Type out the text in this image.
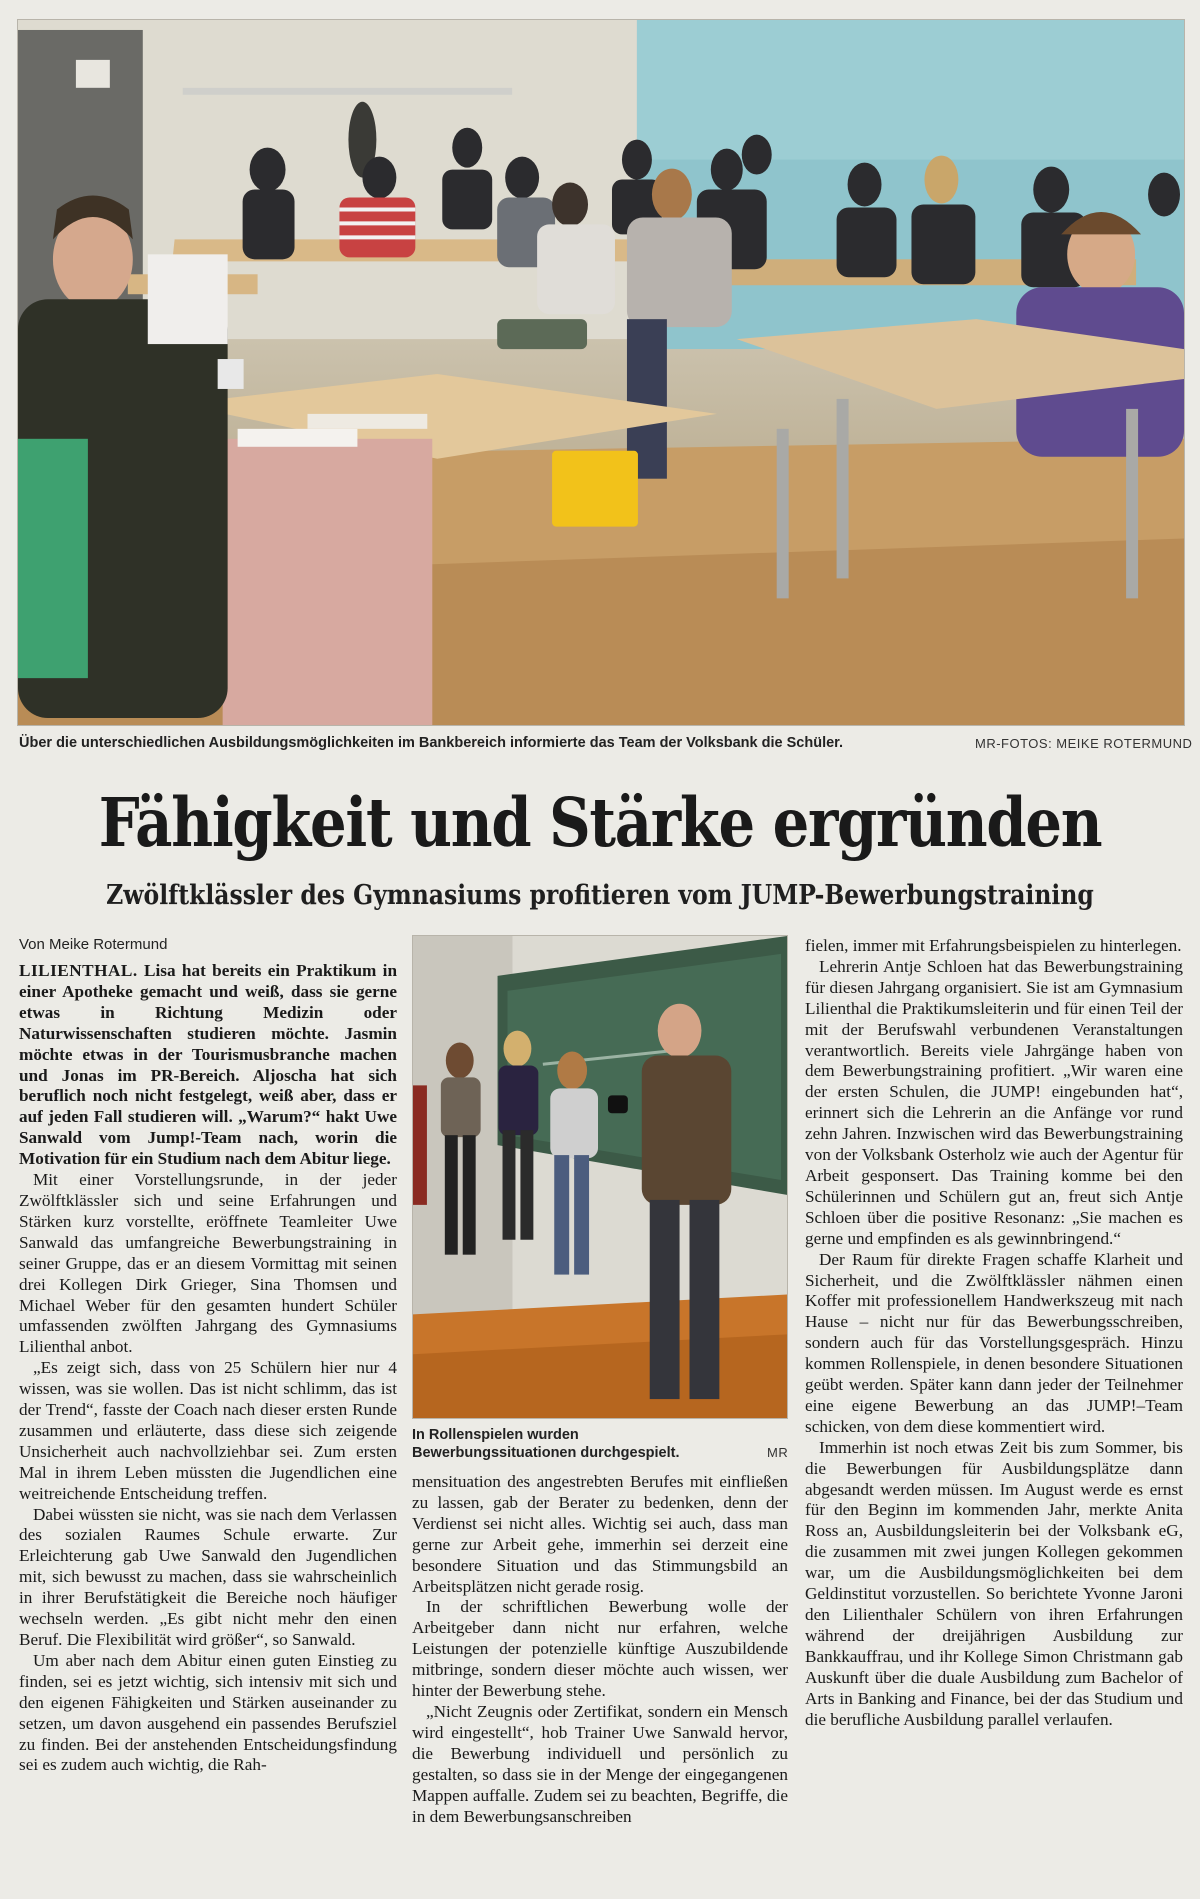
Über die unterschiedlichen Ausbildungsmöglichkeiten im Bankbereich informierte das Team der Volksbank die Schüler.	MR-FOTOS: MEIKE ROTERMUND
Fähigkeit und Stärke ergründen
Zwölftklässler des Gymnasiums profitieren vom JUMP-Bewerbungstraining
Von Meike Rotermund
In Rollenspielen wurden Bewerbungssituationen durchgespielt.	MR

LILIENTHAL. Lisa hat bereits ein Praktikum in einer Apotheke gemacht und weiß, dass sie gerne etwas in Richtung Medizin oder Naturwissenschaften studieren möchte. Jasmin möchte etwas in der Tourismusbranche machen und Jonas im PR-Bereich. Aljoscha hat sich beruflich noch nicht festgelegt, weiß aber, dass er auf jeden Fall studieren will. „Warum?“ hakt Uwe Sanwald vom Jump!-Team nach, worin die Motivation für ein Studium nach dem Abitur liege.

Mit einer Vorstellungsrunde, in der jeder Zwölftklässler sich und seine Erfahrungen und Stärken kurz vorstellte, eröffnete Teamleiter Uwe Sanwald das umfangreiche Bewerbungstraining in seiner Gruppe, das er an diesem Vormittag mit seinen drei Kollegen Dirk Grieger, Sina Thomsen und Michael Weber für den gesamten hundert Schüler umfassenden zwölften Jahrgang des Gymnasiums Lilienthal anbot.

„Es zeigt sich, dass von 25 Schülern hier nur 4 wissen, was sie wollen. Das ist nicht schlimm, das ist der Trend“, fasste der Coach nach dieser ersten Runde zusammen und erläuterte, dass diese sich zeigende Unsicherheit auch nachvollziehbar sei. Zum ersten Mal in ihrem Leben müssten die Jugendlichen eine weitreichende Entscheidung treffen.

Dabei wüssten sie nicht, was sie nach dem Verlassen des sozialen Raumes Schule erwarte. Zur Erleichterung gab Uwe Sanwald den Jugendlichen mit, sich bewusst zu machen, dass sie wahrscheinlich in ihrer Berufstätigkeit die Bereiche noch häufiger wechseln werden. „Es gibt nicht mehr den einen Beruf. Die Flexibilität wird größer“, so Sanwald.

Um aber nach dem Abitur einen guten Einstieg zu finden, sei es jetzt wichtig, sich intensiv mit sich und den eigenen Fähigkeiten und Stärken auseinander zu setzen, um davon ausgehend ein passendes Berufsziel zu finden. Bei der anstehenden Entscheidungsfindung sei es zudem auch wichtig, die Rah-

mensituation des angestrebten Berufes mit einfließen zu lassen, gab der Berater zu bedenken, denn der Verdienst sei nicht alles. Wichtig sei auch, dass man gerne zur Arbeit gehe, immerhin sei derzeit eine besondere Situation und das Stimmungsbild an Arbeitsplätzen nicht gerade rosig.

In der schriftlichen Bewerbung wolle der Arbeitgeber dann nicht nur erfahren, welche Leistungen der potenzielle künftige Auszubildende mitbringe, sondern dieser möchte auch wissen, wer hinter der Bewerbung stehe.

„Nicht Zeugnis oder Zertifikat, sondern ein Mensch wird eingestellt“, hob Trainer Uwe Sanwald hervor, die Bewerbung individuell und persönlich zu gestalten, so dass sie in der Menge der eingegangenen Mappen auffalle. Zudem sei zu beachten, Begriffe, die in dem Bewerbungsanschreiben

fielen, immer mit Erfahrungsbeispielen zu hinterlegen.

Lehrerin Antje Schloen hat das Bewerbungstraining für diesen Jahrgang organisiert. Sie ist am Gymnasium Lilienthal die Praktikumsleiterin und für einen Teil der mit der Berufswahl verbundenen Veranstaltungen verantwortlich. Bereits viele Jahrgänge haben von dem Bewerbungstraining profitiert. „Wir waren eine der ersten Schulen, die JUMP! eingebunden hat“, erinnert sich die Lehrerin an die Anfänge vor rund zehn Jahren. Inzwischen wird das Bewerbungstraining von der Volksbank Osterholz wie auch der Agentur für Arbeit gesponsert. Das Training komme bei den Schülerinnen und Schülern gut an, freut sich Antje Schloen über die positive Resonanz: „Sie machen es gerne und empfinden es als gewinnbringend.“

Der Raum für direkte Fragen schaffe Klarheit und Sicherheit, und die Zwölftklässler nähmen einen Koffer mit professionellem Handwerkszeug mit nach Hause – nicht nur für das Bewerbungsschreiben, sondern auch für das Vorstellungsgespräch. Hinzu kommen Rollenspiele, in denen besondere Situationen geübt werden. Später kann dann jeder der Teilnehmer eine eigene Bewerbung an das JUMP!–Team schicken, von dem diese kommentiert wird.

Immerhin ist noch etwas Zeit bis zum Sommer, bis die Bewerbungen für Ausbildungsplätze dann abgesandt werden müssen. Im August werde es ernst für den Beginn im kommenden Jahr, merkte Anita Ross an, Ausbildungsleiterin bei der Volksbank eG, die zusammen mit zwei jungen Kollegen gekommen war, um die Ausbildungsmöglichkeiten bei dem Geldinstitut vorzustellen. So berichtete Yvonne Jaroni den Lilienthaler Schülern von ihren Erfahrungen während der dreijährigen Ausbildung zur Bankkauffrau, und ihr Kollege Simon Christmann gab Auskunft über die duale Ausbildung zum Bachelor of Arts in Banking and Finance, bei der das Studium und die berufliche Ausbildung parallel verlaufen.
